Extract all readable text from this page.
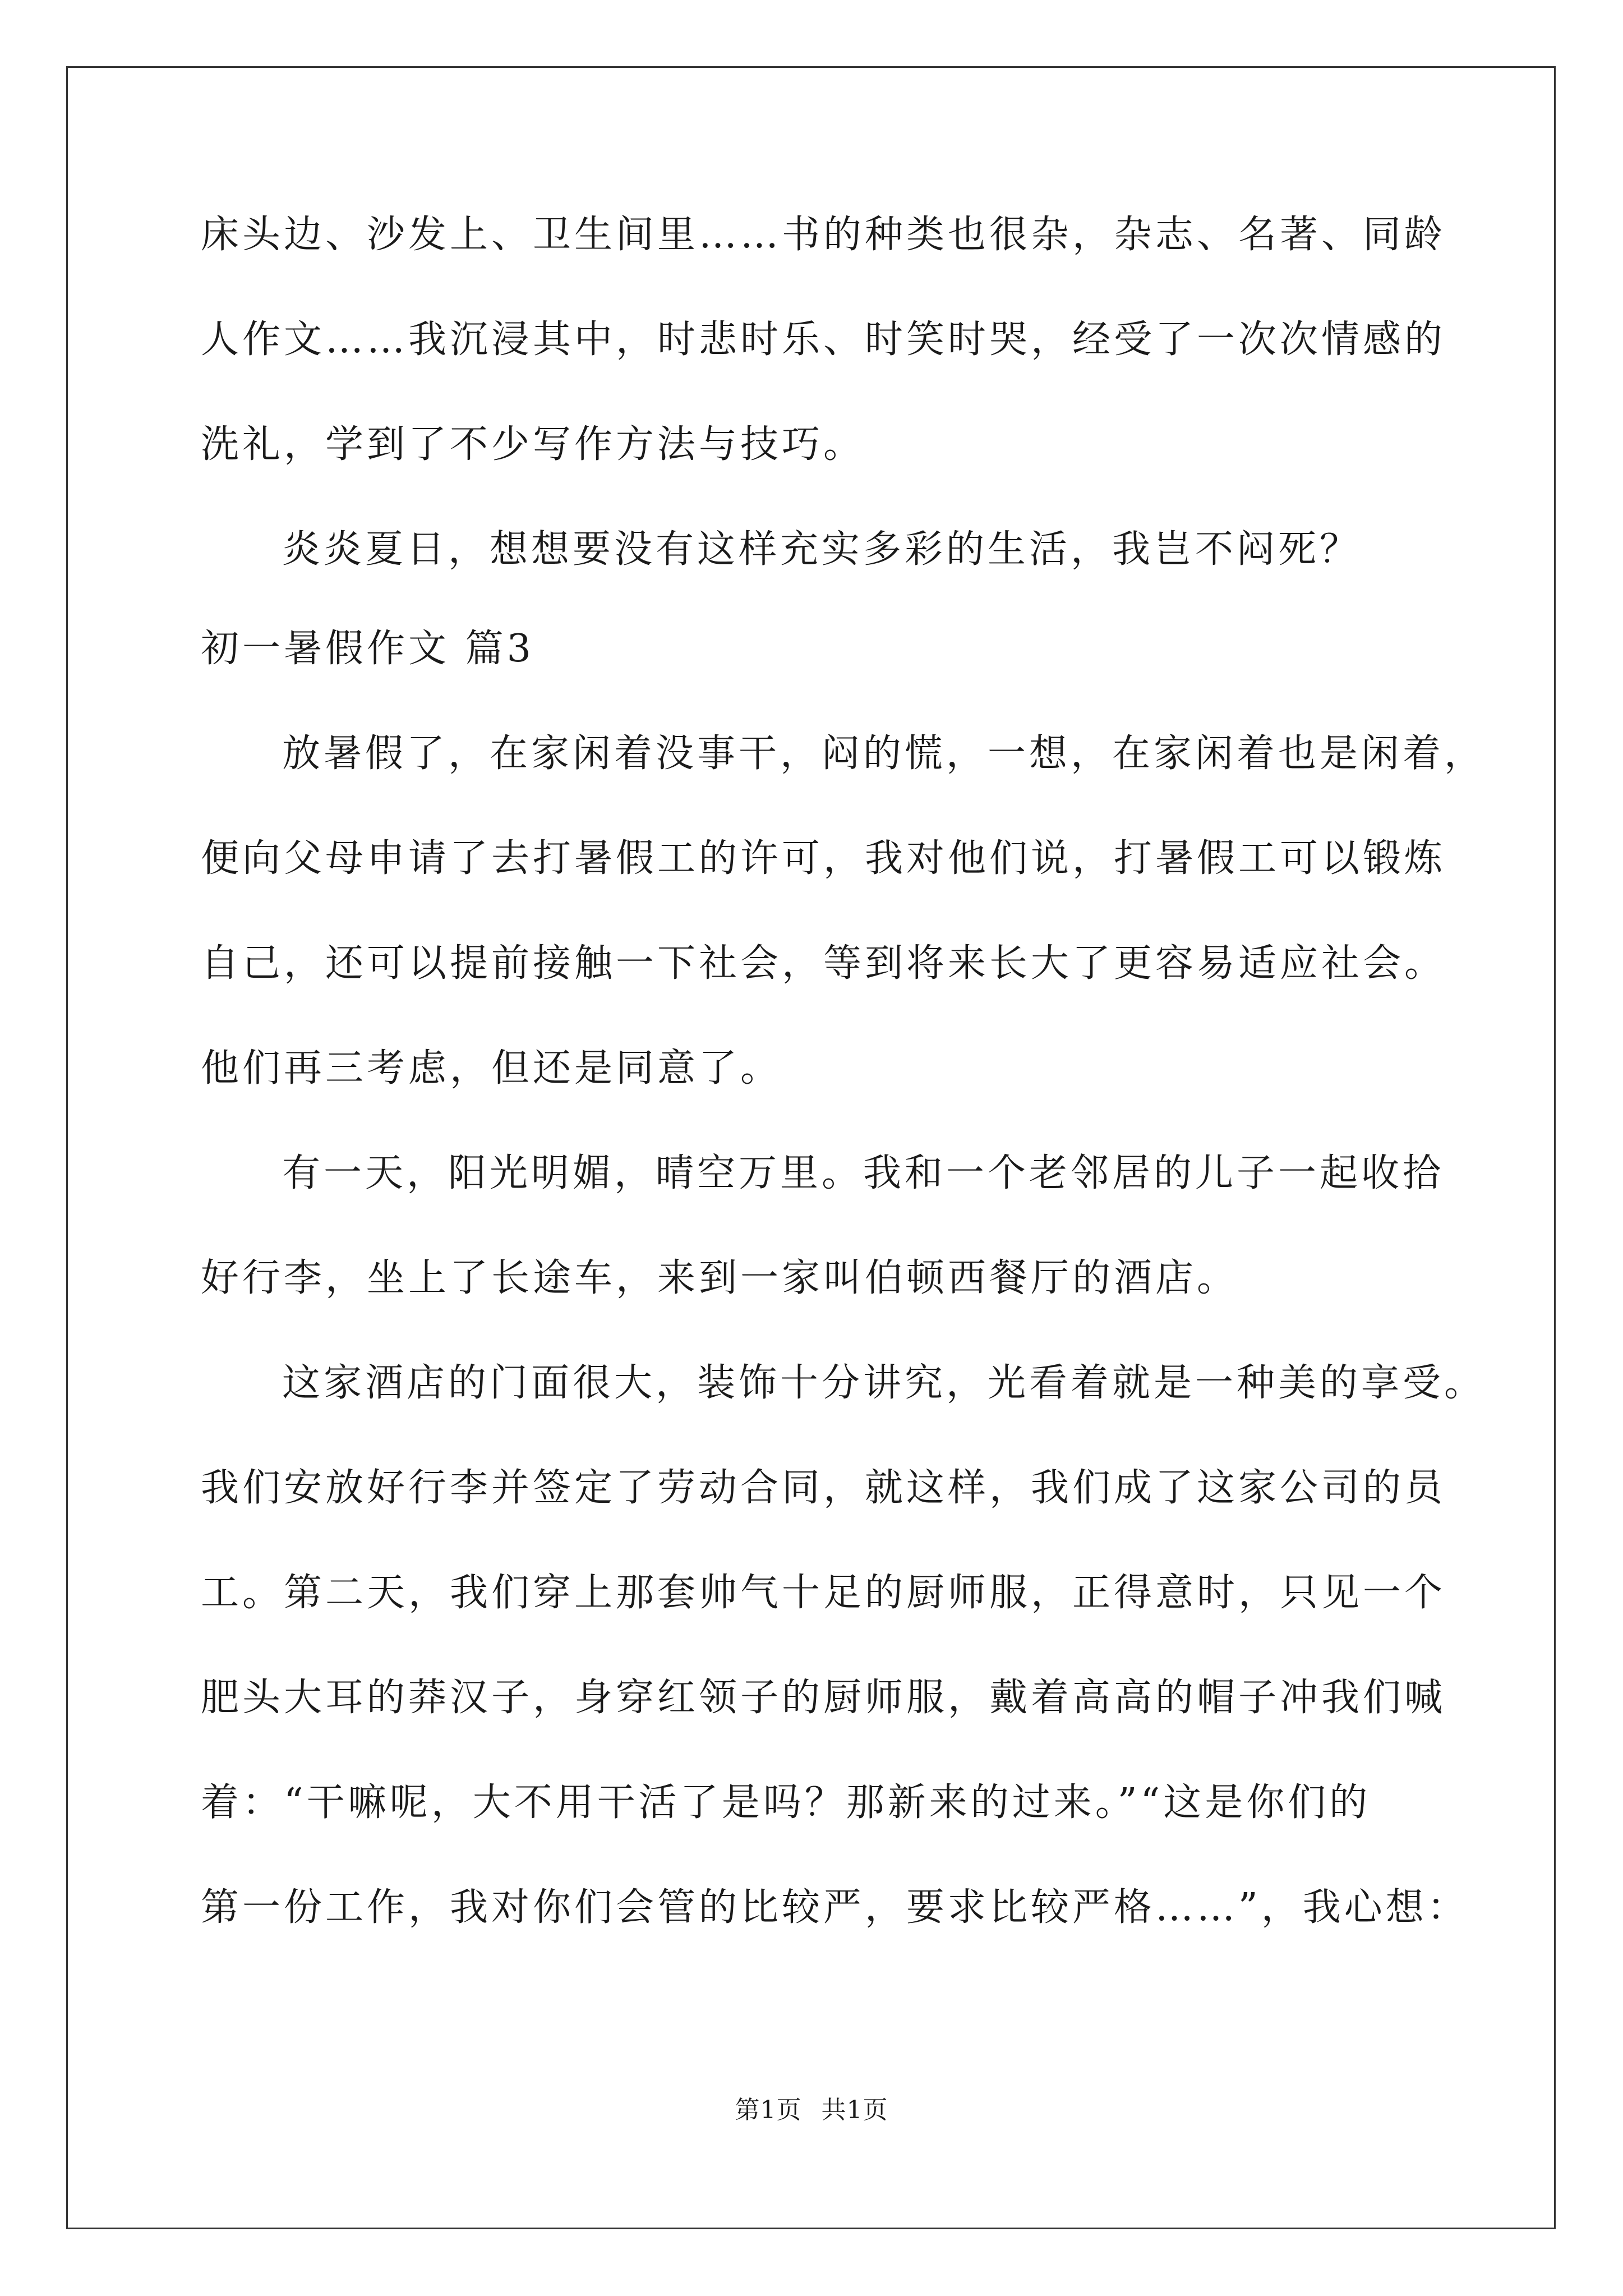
床头边、沙发上、卫生间里……书的种类也很杂，杂志、名著、同龄

人作文……我沉浸其中，时悲时乐、时笑时哭，经受了一次次情感的

洗礼，学到了不少写作方法与技巧。

炎炎夏日，想想要没有这样充实多彩的生活，我岂不闷死？

初一暑假作文 篇3

放暑假了，在家闲着没事干，闷的慌，一想，在家闲着也是闲着，

便向父母申请了去打暑假工的许可，我对他们说，打暑假工可以锻炼

自己，还可以提前接触一下社会，等到将来长大了更容易适应社会。

他们再三考虑，但还是同意了。

有一天，阳光明媚，晴空万里。我和一个老邻居的儿子一起收拾

好行李，坐上了长途车，来到一家叫伯顿西餐厅的酒店。

这家酒店的门面很大，装饰十分讲究，光看着就是一种美的享受。

我们安放好行李并签定了劳动合同，就这样，我们成了这家公司的员

工。第二天，我们穿上那套帅气十足的厨师服，正得意时，只见一个

肥头大耳的莽汉子，身穿红领子的厨师服，戴着高高的帽子冲我们喊

着：“干嘛呢，大不用干活了是吗？那新来的过来。”“这是你们的

第一份工作，我对你们会管的比较严，要求比较严格……”，我心想：

第1页 共1页
